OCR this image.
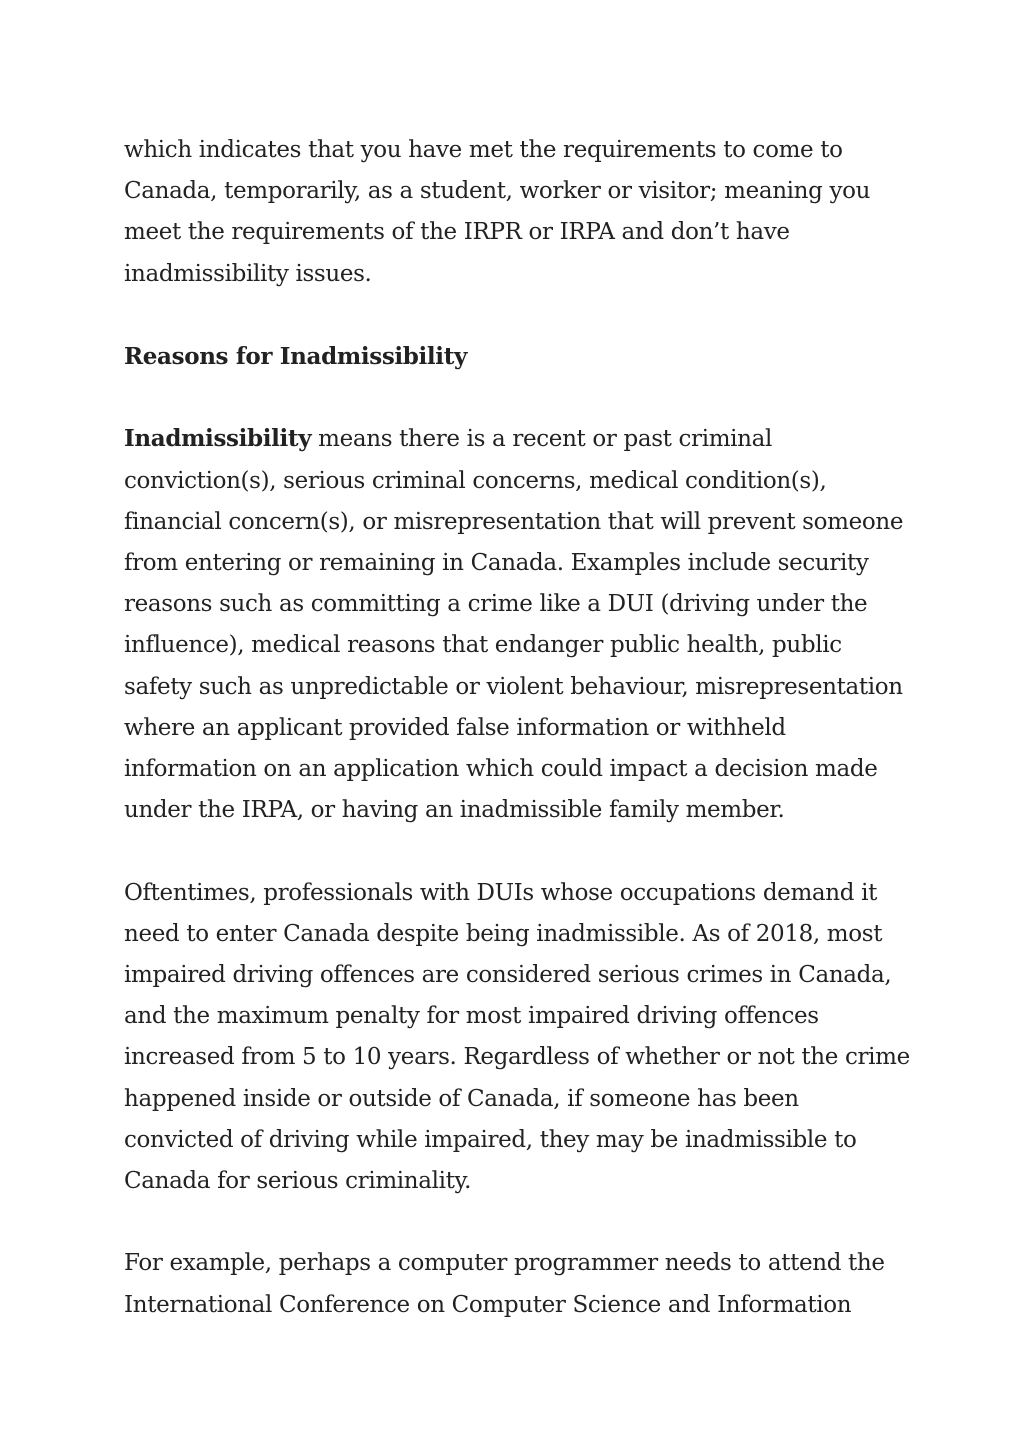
which indicates that you have met the requirements to come to Canada, temporarily, as a student, worker or visitor; meaning you meet the requirements of the IRPR or IRPA and don’t have inadmissibility issues.

Reasons for Inadmissibility

Inadmissibility means there is a recent or past criminal conviction(s), serious criminal concerns, medical condition(s), financial concern(s), or misrepresentation that will prevent someone from entering or remaining in Canada. Examples include security reasons such as committing a crime like a DUI (driving under the influence), medical reasons that endanger public health, public safety such as unpredictable or violent behaviour, misrepresentation where an applicant provided false information or withheld information on an application which could impact a decision made under the IRPA, or having an inadmissible family member.

Oftentimes, professionals with DUIs whose occupations demand it need to enter Canada despite being inadmissible. As of 2018, most impaired driving offences are considered serious crimes in Canada, and the maximum penalty for most impaired driving offences increased from 5 to 10 years. Regardless of whether or not the crime happened inside or outside of Canada, if someone has been convicted of driving while impaired, they may be inadmissible to Canada for serious criminality.

For example, perhaps a computer programmer needs to attend the International Conference on Computer Science and Information
